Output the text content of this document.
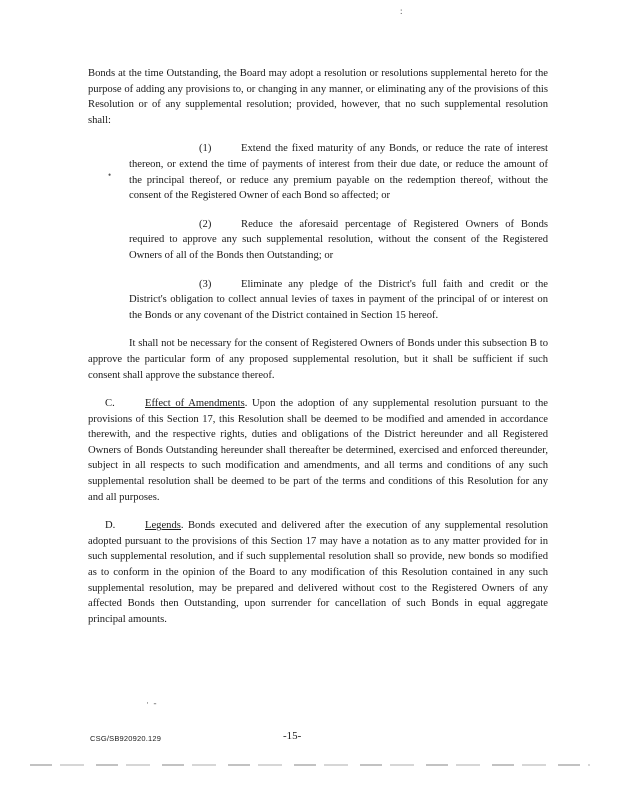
:
•

Bonds at the time Outstanding, the Board may adopt a resolution or resolutions supplemental hereto for the purpose of adding any provisions to, or changing in any manner, or eliminating any of the provisions of this Resolution or of any supplemental resolution; provided, however, that no such supplemental resolution shall:

(1)	Extend the fixed maturity of any Bonds, or reduce the rate of interest thereon, or extend the time of payments of interest from their due date, or reduce the amount of the principal thereof, or reduce any premium payable on the redemption thereof, without the consent of the Registered Owner of each Bond so affected; or
(2)	Reduce the aforesaid percentage of Registered Owners of Bonds required to approve any such supplemental resolution, without the consent of the Registered Owners of all of the Bonds then Outstanding; or
(3)	Eliminate any pledge of the District's full faith and credit or the District's obligation to collect annual levies of taxes in payment of the principal of or interest on the Bonds or any covenant of the District contained in Section 15 hereof.

It shall not be necessary for the consent of Registered Owners of Bonds under this subsection B to approve the particular form of any proposed supplemental resolution, but it shall be sufficient if such consent shall approve the substance thereof.

C.	Effect of Amendments. Upon the adoption of any supplemental resolution pursuant to the provisions of this Section 17, this Resolution shall be deemed to be modified and amended in accordance therewith, and the respective rights, duties and obligations of the District hereunder and all Registered Owners of Bonds Outstanding hereunder shall thereafter be determined, exercised and enforced thereunder, subject in all respects to such modification and amendments, and all terms and conditions of any such supplemental resolution shall be deemed to be part of the terms and conditions of this Resolution for any and all purposes.

D.	Legends. Bonds executed and delivered after the execution of any supplemental resolution adopted pursuant to the provisions of this Section 17 may have a notation as to any matter provided for in such supplemental resolution, and if such supplemental resolution shall so provide, new bonds so modified as to conform in the opinion of the Board to any modification of this Resolution contained in any such supplemental resolution, may be prepared and delivered without cost to the Registered Owners of any affected Bonds then Outstanding, upon surrender for cancellation of such Bonds in equal aggregate principal amounts.

·  -
CSG/SB920920.129	-15-
